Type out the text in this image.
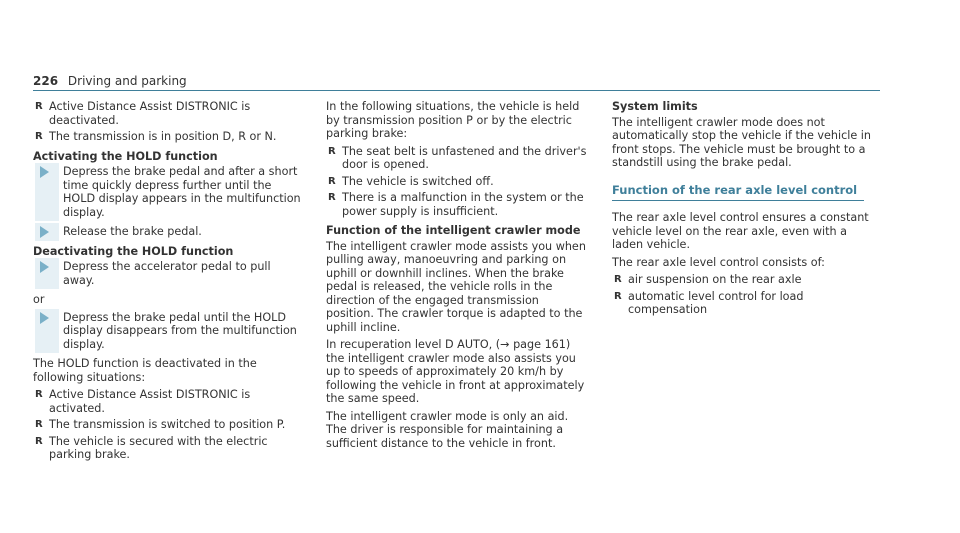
226 Driving and parking
R Active Distance Assist DISTRONIC is deactivated.
R The transmission is in position D, R or N.
Activating the HOLD function
Depress the brake pedal and after a short time quickly depress further until the HOLD display appears in the multifunction display.
Release the brake pedal.
Deactivating the HOLD function
Depress the accelerator pedal to pull away.

or

Depress the brake pedal until the HOLD display disappears from the multifunction display.

The HOLD function is deactivated in the following situations:

R Active Distance Assist DISTRONIC is activated.
R The transmission is switched to position P.
R The vehicle is secured with the electric parking brake.

In the following situations, the vehicle is held by transmission position P or by the electric parking brake:

R The seat belt is unfastened and the driver's door is opened.
R The vehicle is switched off.
R There is a malfunction in the system or the power supply is insufficient.
Function of the intelligent crawler mode

The intelligent crawler mode assists you when pulling away, manoeuvring and parking on uphill or downhill inclines. When the brake pedal is released, the vehicle rolls in the direction of the engaged transmission position. The crawler torque is adapted to the uphill incline.

In recuperation level D AUTO, (→ page 161) the intelligent crawler mode also assists you up to speeds of approximately 20 km/h by following the vehicle in front at approximately the same speed.

The intelligent crawler mode is only an aid. The driver is responsible for maintaining a sufficient distance to the vehicle in front.

System limits

The intelligent crawler mode does not automatically stop the vehicle if the vehicle in front stops. The vehicle must be brought to a standstill using the brake pedal.

Function of the rear axle level control

The rear axle level control ensures a constant vehicle level on the rear axle, even with a laden vehicle.

The rear axle level control consists of:

R air suspension on the rear axle
R automatic level control for load compensation
